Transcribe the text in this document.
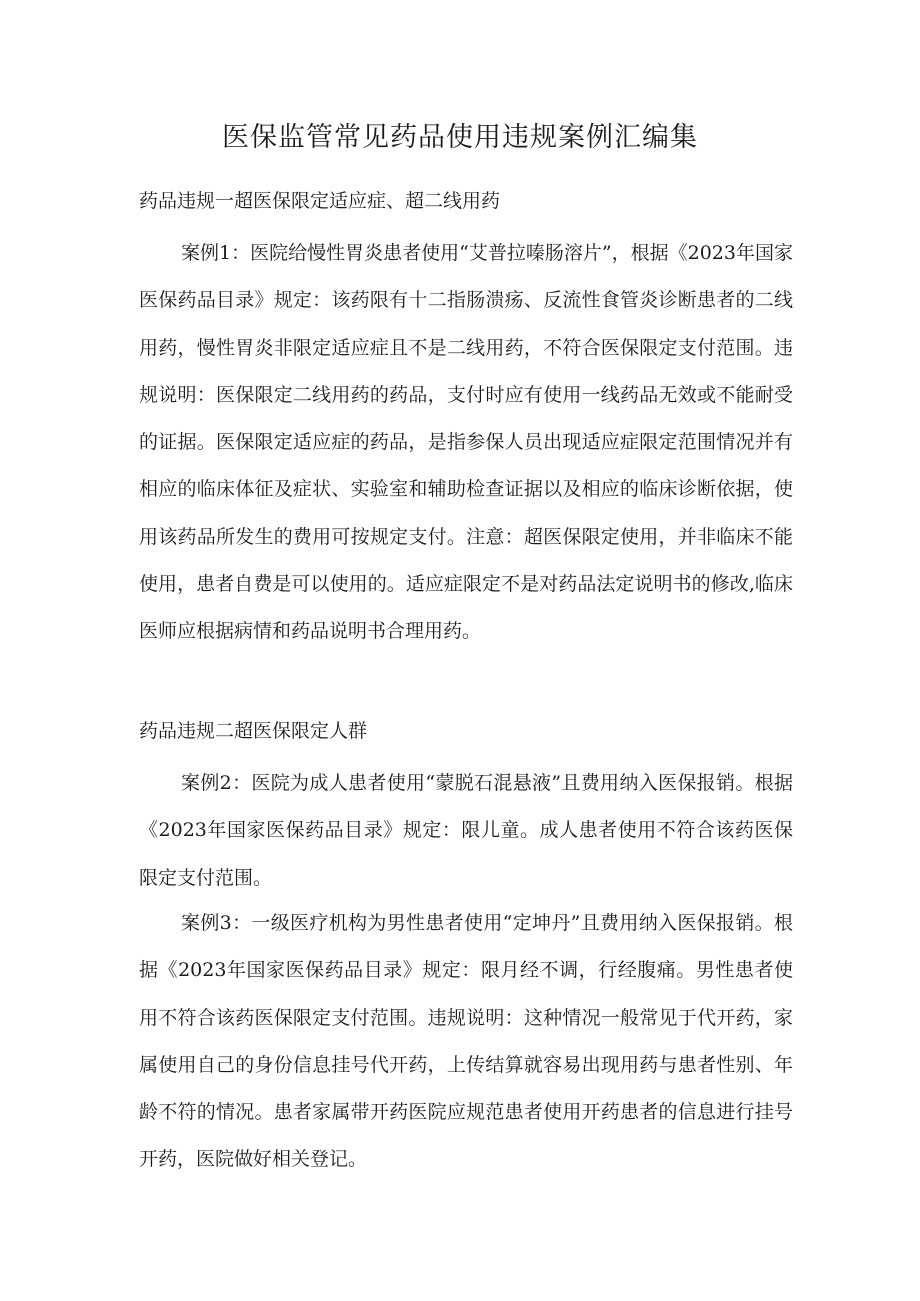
医保监管常见药品使用违规案例汇编集
药品违规一超医保限定适应症、超二线用药
案例1：医院给慢性胃炎患者使用“艾普拉嗪肠溶片”，根据《2023年国家医保药品目录》规定：该药限有十二指肠溃疡、反流性食管炎诊断患者的二线用药，慢性胃炎非限定适应症且不是二线用药，不符合医保限定支付范围。违规说明：医保限定二线用药的药品，支付时应有使用一线药品无效或不能耐受的证据。医保限定适应症的药品，是指参保人员出现适应症限定范围情况并有相应的临床体征及症状、实验室和辅助检查证据以及相应的临床诊断依据，使用该药品所发生的费用可按规定支付。注意：超医保限定使用，并非临床不能使用，患者自费是可以使用的。适应症限定不是对药品法定说明书的修改,临床医师应根据病情和药品说明书合理用药。
药品违规二超医保限定人群
案例2：医院为成人患者使用“蒙脱石混悬液”且费用纳入医保报销。根据《2023年国家医保药品目录》规定：限儿童。成人患者使用不符合该药医保限定支付范围。
案例3：一级医疗机构为男性患者使用“定坤丹”且费用纳入医保报销。根据《2023年国家医保药品目录》规定：限月经不调，行经腹痛。男性患者使用不符合该药医保限定支付范围。违规说明：这种情况一般常见于代开药，家属使用自己的身份信息挂号代开药，上传结算就容易出现用药与患者性别、年龄不符的情况。患者家属带开药医院应规范患者使用开药患者的信息进行挂号开药，医院做好相关登记。
